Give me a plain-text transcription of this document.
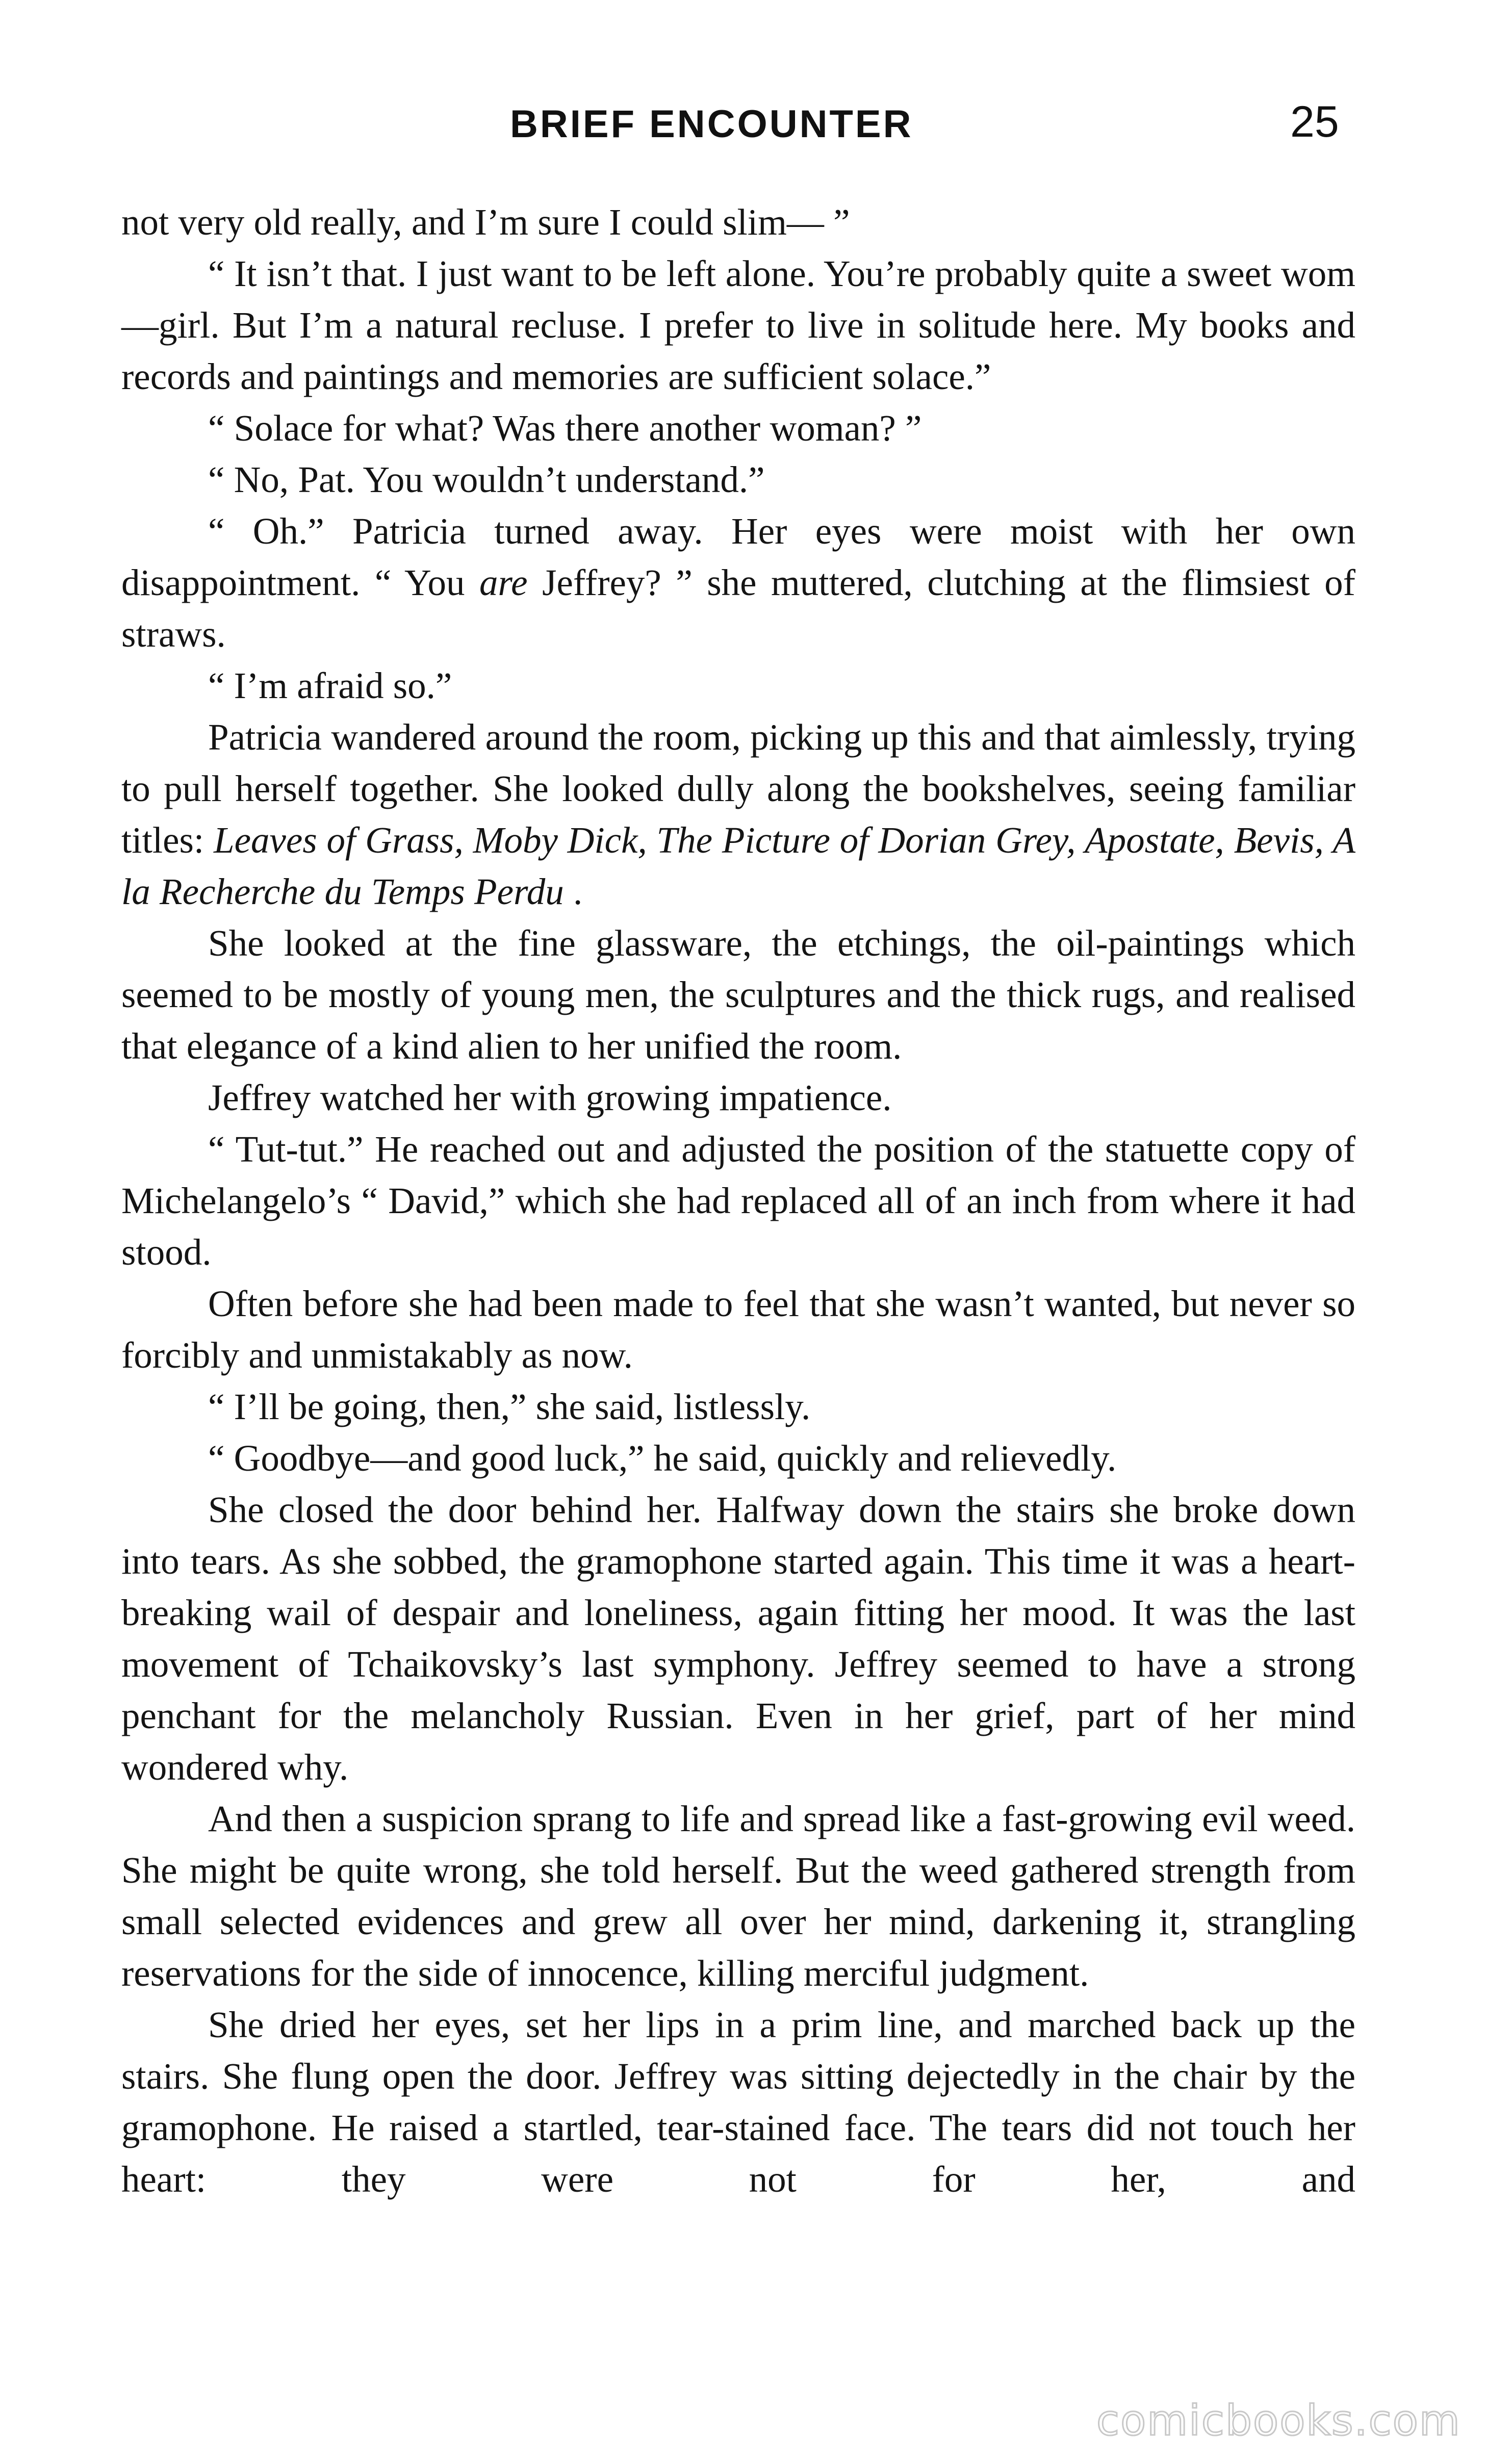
BRIEF ENCOUNTER	25

not very old really, and I’m sure I could slim— ”

“ It isn’t that. I just want to be left alone. You’re probably quite a sweet wom—girl. But I’m a natural recluse. I prefer to live in solitude here. My books and records and paintings and memories are sufficient solace.”

“ Solace for what? Was there another woman? ”

“ No, Pat. You wouldn’t understand.”

“ Oh.” Patricia turned away. Her eyes were moist with her own disappointment. “ You are Jeffrey? ” she muttered, clutching at the flimsiest of straws.

“ I’m afraid so.”

Patricia wandered around the room, picking up this and that aimlessly, trying to pull herself together. She looked dully along the bookshelves, seeing familiar titles: Leaves of Grass, Moby Dick, The Picture of Dorian Grey, Apostate, Bevis, A la Recherche du Temps Perdu .

She looked at the fine glassware, the etchings, the oil-paintings which seemed to be mostly of young men, the sculptures and the thick rugs, and realised that elegance of a kind alien to her unified the room.

Jeffrey watched her with growing impatience.

“ Tut-tut.” He reached out and adjusted the position of the statuette copy of Michelangelo’s “ David,” which she had replaced all of an inch from where it had stood.

Often before she had been made to feel that she wasn’t wanted, but never so forcibly and unmistakably as now.

“ I’ll be going, then,” she said, listlessly.

“ Goodbye—and good luck,” he said, quickly and relievedly.

She closed the door behind her. Halfway down the stairs she broke down into tears. As she sobbed, the gramophone started again. This time it was a heart-breaking wail of despair and loneliness, again fitting her mood. It was the last movement of Tchaikovsky’s last symphony. Jeffrey seemed to have a strong penchant for the melancholy Russian. Even in her grief, part of her mind wondered why.

And then a suspicion sprang to life and spread like a fast-growing evil weed. She might be quite wrong, she told herself. But the weed gathered strength from small selected evidences and grew all over her mind, darkening it, strangling reservations for the side of innocence, killing merciful judgment.

She dried her eyes, set her lips in a prim line, and marched back up the stairs. She flung open the door. Jeffrey was sitting dejectedly in the chair by the gramophone. He raised a startled, tear-stained face. The tears did not touch her heart: they were not for her, and

comicbooks.com
